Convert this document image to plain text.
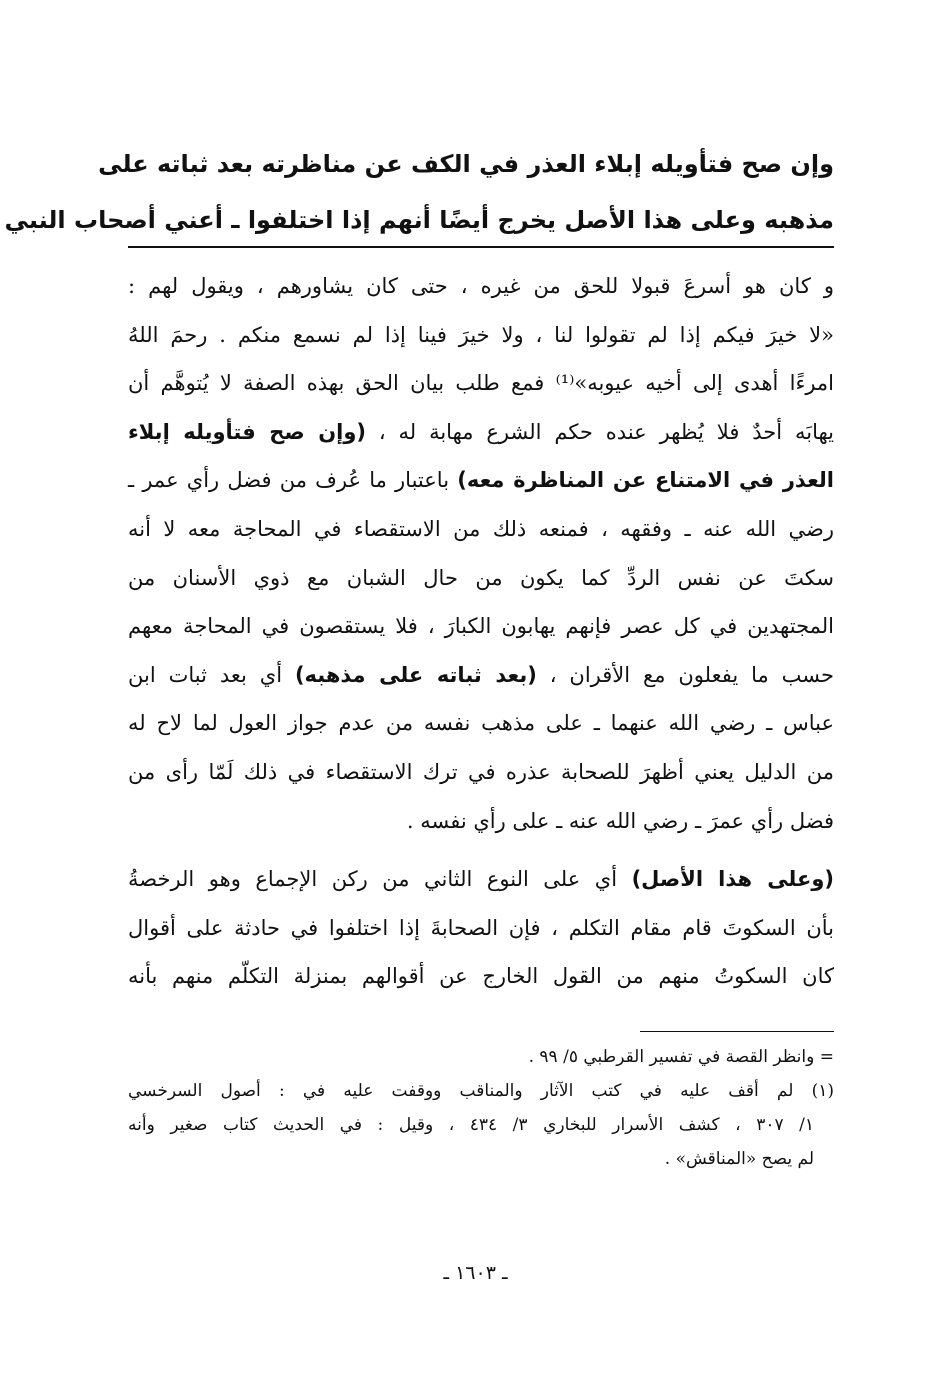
وإن صح فتأويله إبلاء العذر في الكف عن مناظرته بعد ثباته على
مذهبه وعلى هذا الأصل يخرج أيضًا أنهم إذا اختلفوا ـ أعني أصحاب النبي
و كان هو أسرعَ قبولا للحق من غيره ، حتى كان يشاورهم ، ويقول لهم :
«لا خيرَ فيكم إذا لم تقولوا لنا ، ولا خيرَ فينا إذا لم نسمع منكم . رحمَ اللهُ
امرءًا أهدى إلى أخيه عيوبه»⁽¹⁾ فمع طلب بيان الحق بهذه الصفة لا يُتوهَّم أن
يهابَه أحدٌ فلا يُظهر عنده حكم الشرع مهابة له ، (وإن صح فتأويله إبلاء
العذر في الامتناع عن المناظرة معه) باعتبار ما عُرف من فضل رأي عمر ـ
رضي الله عنه ـ وفقهه ، فمنعه ذلك من الاستقصاء في المحاجة معه لا أنه
سكتَ عن نفس الردِّ كما يكون من حال الشبان مع ذوي الأسنان من
المجتهدين في كل عصر فإنهم يهابون الكبارَ ، فلا يستقصون في المحاجة معهم
حسب ما يفعلون مع الأقران ، (بعد ثباته على مذهبه) أي بعد ثبات ابن
عباس ـ رضي الله عنهما ـ على مذهب نفسه من عدم جواز العول لما لاح له
من الدليل يعني أظهرَ للصحابة عذره في ترك الاستقصاء في ذلك لَمّا رأى من
فضل رأي عمرَ ـ رضي الله عنه ـ على رأي نفسه .
(وعلى هذا الأصل) أي على النوع الثاني من ركن الإجماع وهو الرخصةُ
بأن السكوتَ قام مقام التكلم ، فإن الصحابةَ إذا اختلفوا في حادثة على أقوال
كان السكوتُ منهم من القول الخارج عن أقوالهم بمنزلة التكلّم منهم بأنه
= وانظر القصة في تفسير القرطبي ٥/ ٩٩ .
(١) لم أقف عليه في كتب الآثار والمناقب ووقفت عليه في : أصول السرخسي
١/ ٣٠٧ ، كشف الأسرار للبخاري ٣/ ٤٣٤ ، وقيل : في الحديث كتاب صغير وأنه
لم يصح «المناقش» .
ـ ١٦٠٣ ـ
